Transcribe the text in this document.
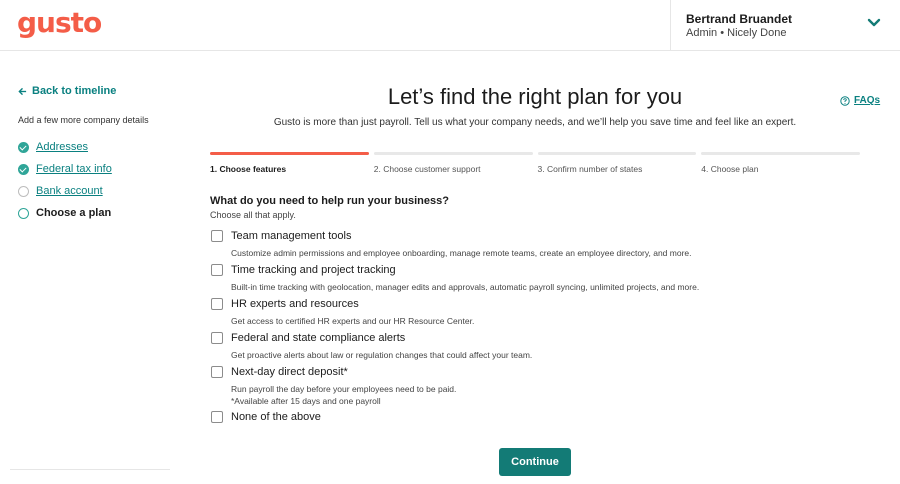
gusto	Bertrand Bruandet
Admin • Nicely Done
Back to timeline
Add a few more company details
Addresses
Federal tax info
Bank account
Choose a plan
Let’s find the right plan for you
Gusto is more than just payroll. Tell us what your company needs, and we’ll help you save time and feel like an expert.
FAQs
1. Choose features	2. Choose customer support	3. Confirm number of states	4. Choose plan
What do you need to help run your business?
Choose all that apply.
Team management tools
Customize admin permissions and employee onboarding, manage remote teams, create an employee directory, and more.
Time tracking and project tracking
Built-in time tracking with geolocation, manager edits and approvals, automatic payroll syncing, unlimited projects, and more.
HR experts and resources
Get access to certified HR experts and our HR Resource Center.
Federal and state compliance alerts
Get proactive alerts about law or regulation changes that could affect your team.
Next-day direct deposit*
Run payroll the day before your employees need to be paid.
*Available after 15 days and one payroll
None of the above
Continue
